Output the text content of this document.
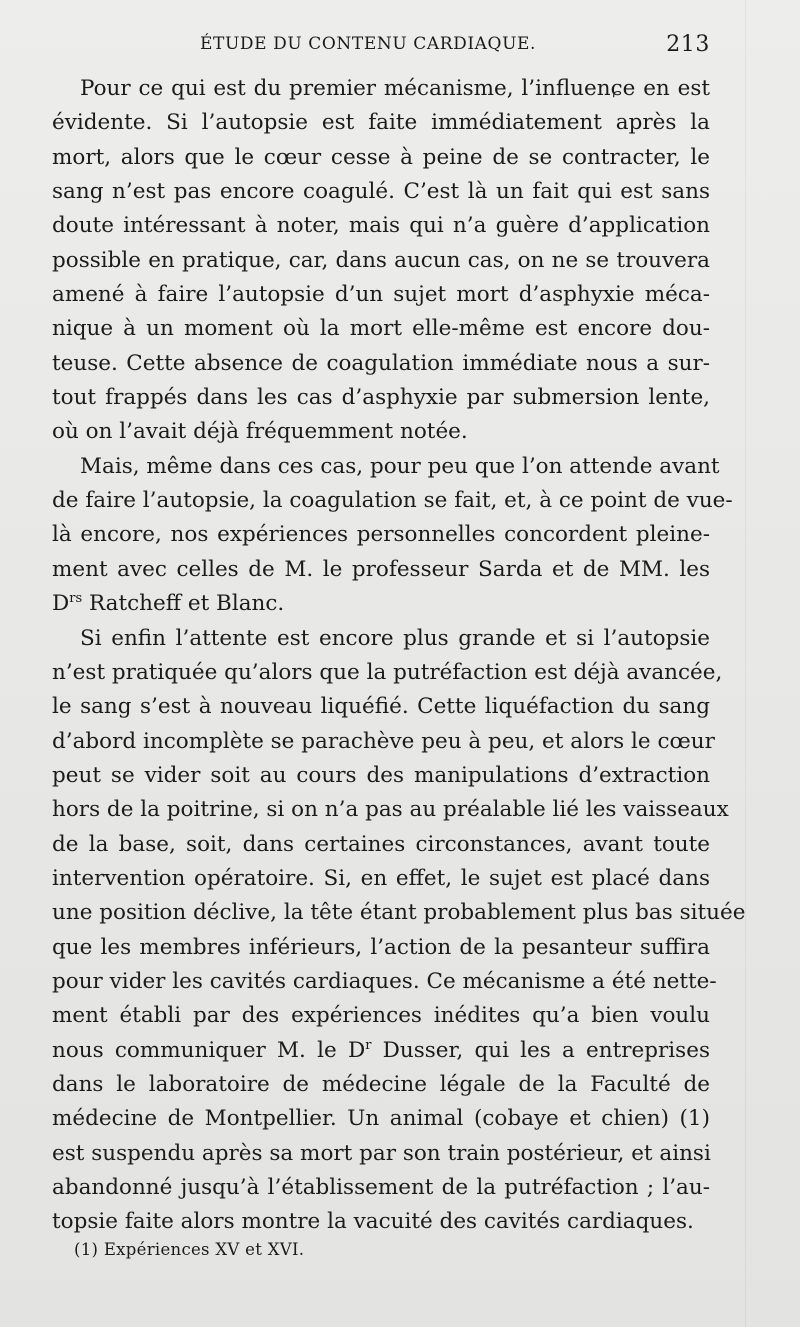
ÉTUDE DU CONTENU CARDIAQUE.	213
Pour ce qui est du premier mécanisme, l’influenɕe en est
évidente. Si l’autopsie est faite immédiatement après la
mort, alors que le cœur cesse à peine de se contracter, le
sang n’est pas encore coagulé. C’est là un fait qui est sans
doute intéressant à noter, mais qui n’a guère d’application
possible en pratique, car, dans aucun cas, on ne se trouvera
amené à faire l’autopsie d’un sujet mort d’asphyxie méca-
nique à un moment où la mort elle-même est encore dou-
teuse. Cette absence de coagulation immédiate nous a sur-
tout frappés dans les cas d’asphyxie par submersion lente,
où on l’avait déjà fréquemment notée.
Mais, même dans ces cas, pour peu que l’on attende avant
de faire l’autopsie, la coagulation se fait, et, à ce point de vue-
là encore, nos expériences personnelles concordent pleine-
ment avec celles de M. le professeur Sarda et de MM. les
$D^{rs}$ Ratcheff et Blanc.
Si enfin l’attente est encore plus grande et si l’autopsie
n’est pratiquée qu’alors que la putréfaction est déjà avancée,
le sang s’est à nouveau liquéfié. Cette liquéfaction du sang
d’abord incomplète se parachève peu à peu, et alors le cœur
peut se vider soit au cours des manipulations d’extraction
hors de la poitrine, si on n’a pas au préalable lié les vaisseaux
de la base, soit, dans certaines circonstances, avant toute
intervention opératoire. Si, en effet, le sujet est placé dans
une position déclive, la tête étant probablement plus bas située
que les membres inférieurs, l’action de la pesanteur suffira
pour vider les cavités cardiaques. Ce mécanisme a été nette-
ment établi par des expériences inédites qu’a bien voulu
nous communiquer M. le $D^r$ Dusser, qui les a entreprises
dans le laboratoire de médecine légale de la Faculté de
médecine de Montpellier. Un animal (cobaye et chien) (1)
est suspendu après sa mort par son train postérieur, et ainsi
abandonné jusqu’à l’établissement de la putréfaction ; l’au-
topsie faite alors montre la vacuité des cavités cardiaques.
(1) Expériences XV et XVI.
